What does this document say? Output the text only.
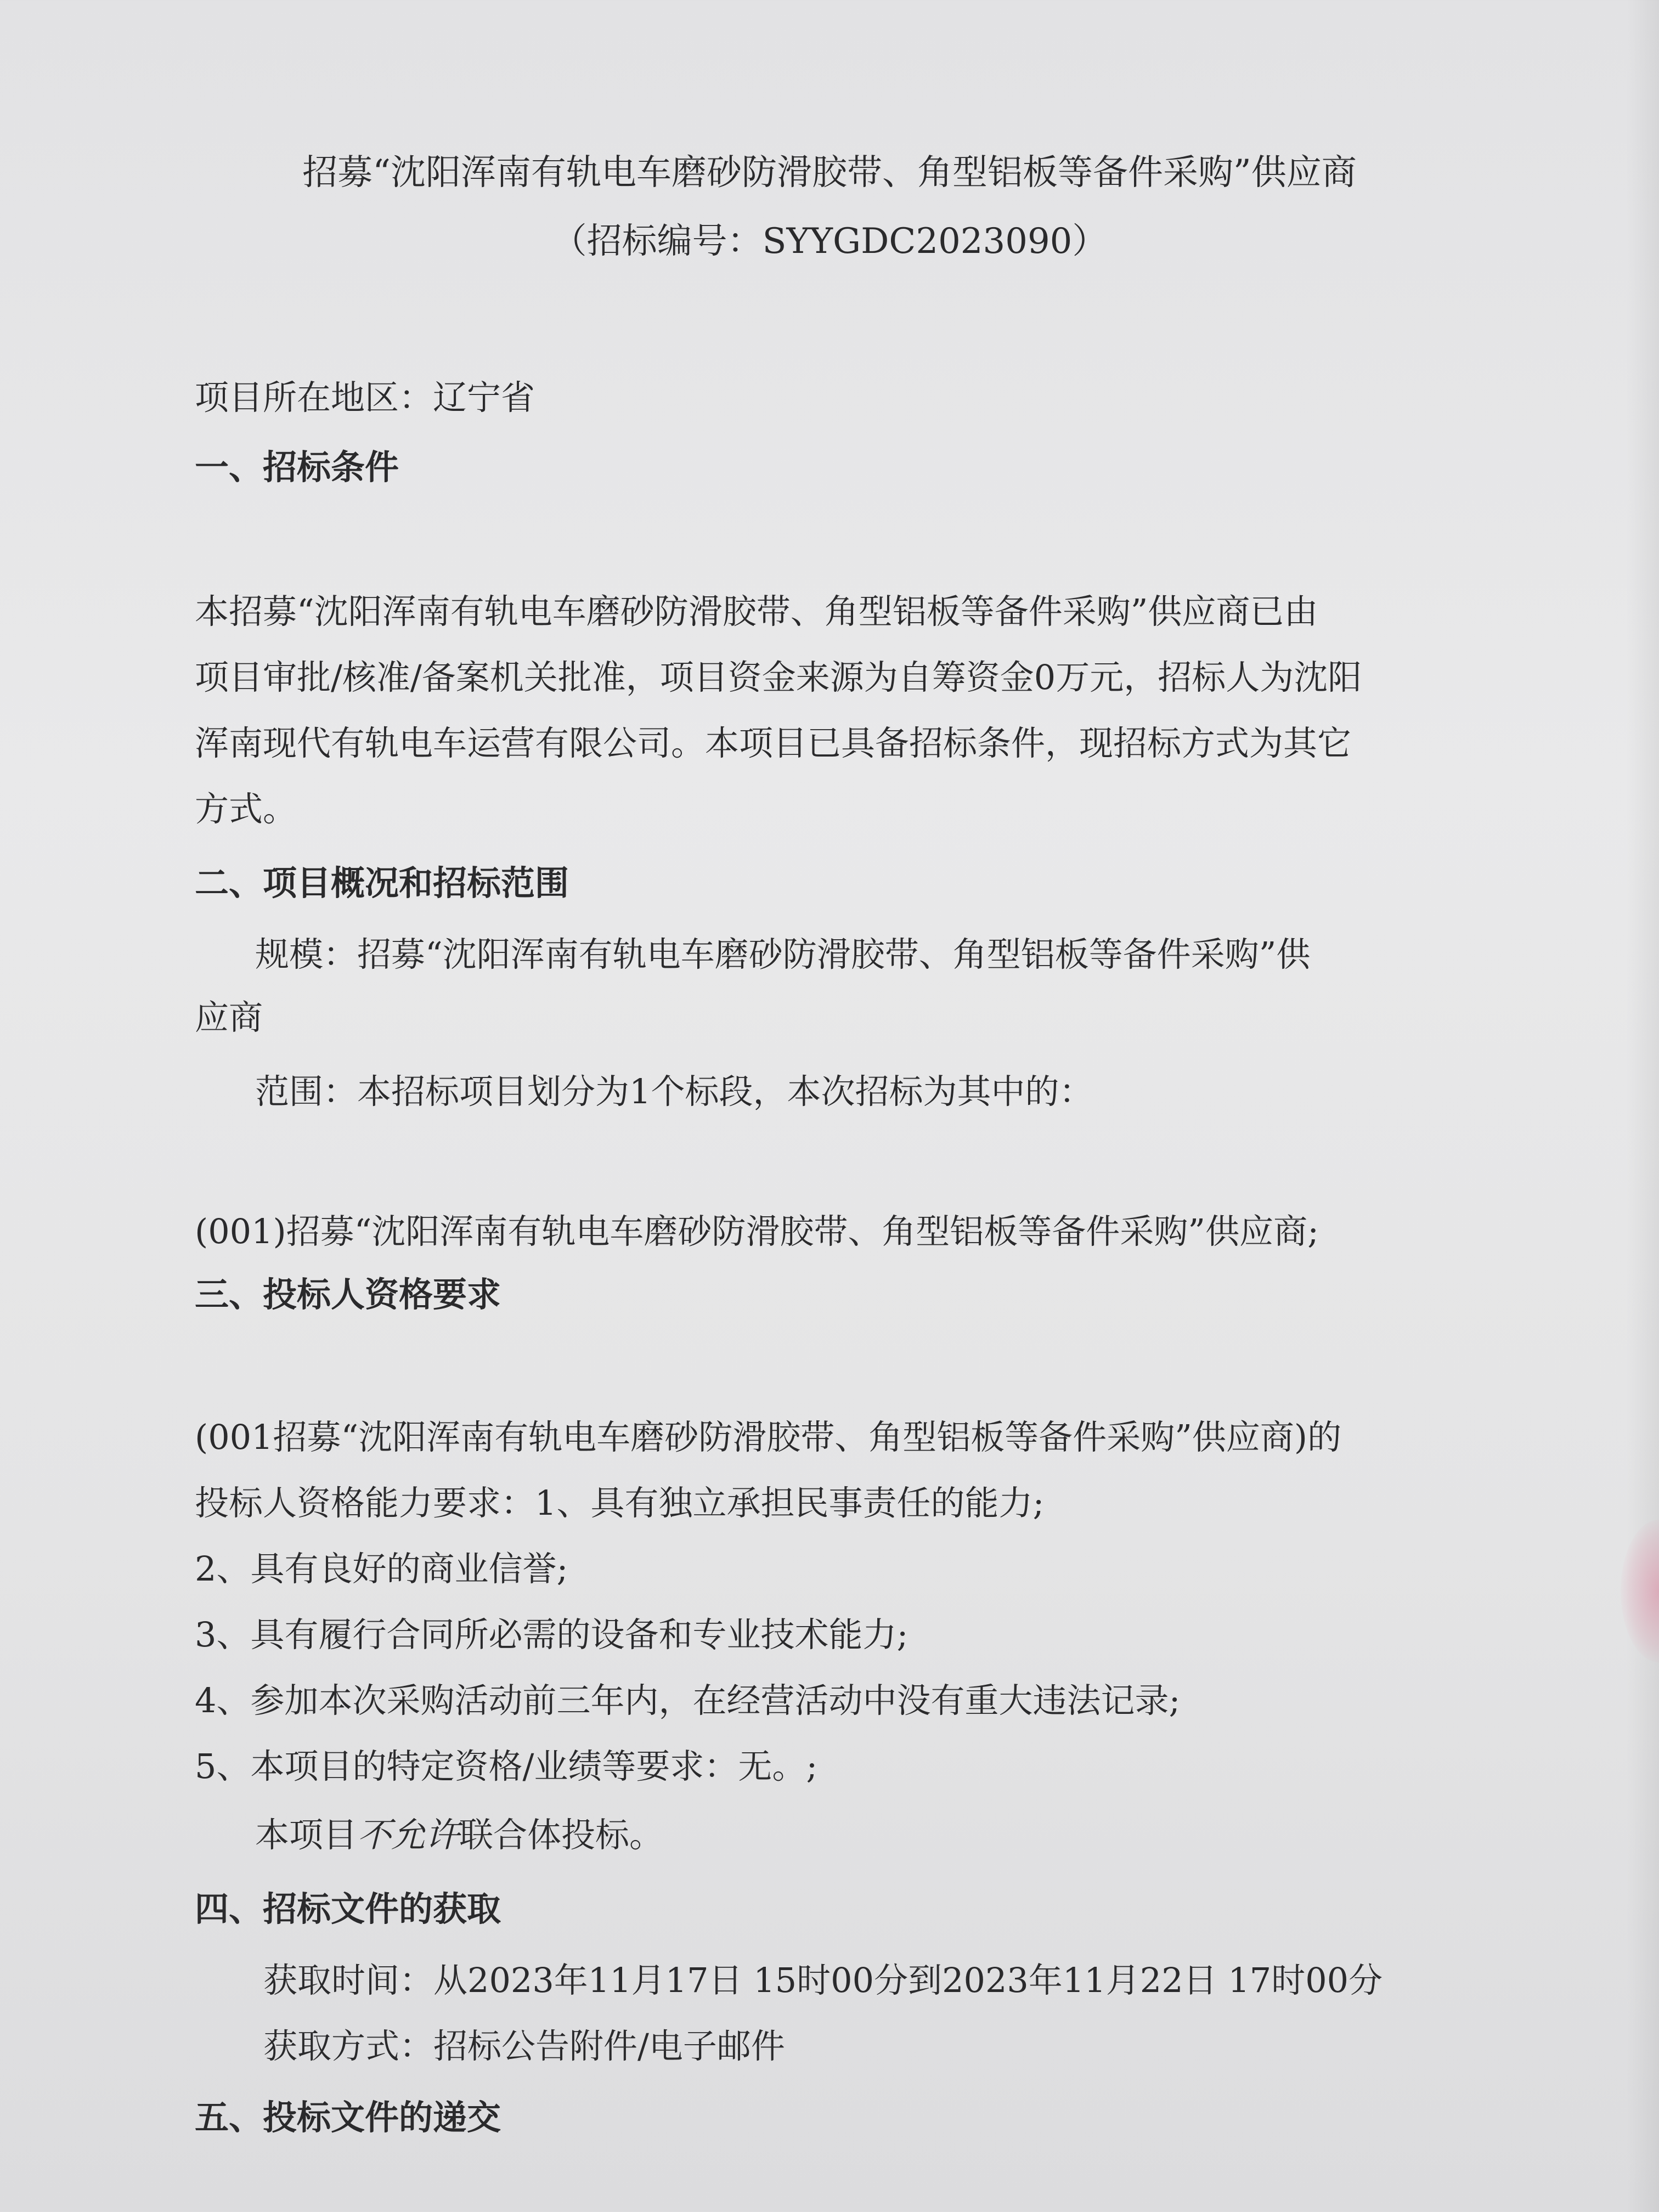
招募“沈阳浑南有轨电车磨砂防滑胶带、角型铝板等备件采购”供应商

（招标编号：SYYGDC2023090）

项目所在地区：辽宁省

一、招标条件

本招募“沈阳浑南有轨电车磨砂防滑胶带、角型铝板等备件采购”供应商已由

项目审批/核准/备案机关批准，项目资金来源为自筹资金0万元，招标人为沈阳

浑南现代有轨电车运营有限公司。本项目已具备招标条件，现招标方式为其它

方式。

二、项目概况和招标范围

规模：招募“沈阳浑南有轨电车磨砂防滑胶带、角型铝板等备件采购”供

应商

范围：本招标项目划分为1个标段，本次招标为其中的：

(001)招募“沈阳浑南有轨电车磨砂防滑胶带、角型铝板等备件采购”供应商;

三、投标人资格要求

(001招募“沈阳浑南有轨电车磨砂防滑胶带、角型铝板等备件采购”供应商)的

投标人资格能力要求：1、具有独立承担民事责任的能力;

2、具有良好的商业信誉;

3、具有履行合同所必需的设备和专业技术能力;

4、参加本次采购活动前三年内，在经营活动中没有重大违法记录;

5、本项目的特定资格/业绩等要求：无。;

本项目不允许联合体投标。

四、招标文件的获取

获取时间：从2023年11月17日 15时00分到2023年11月22日 17时00分

获取方式：招标公告附件/电子邮件

五、投标文件的递交
